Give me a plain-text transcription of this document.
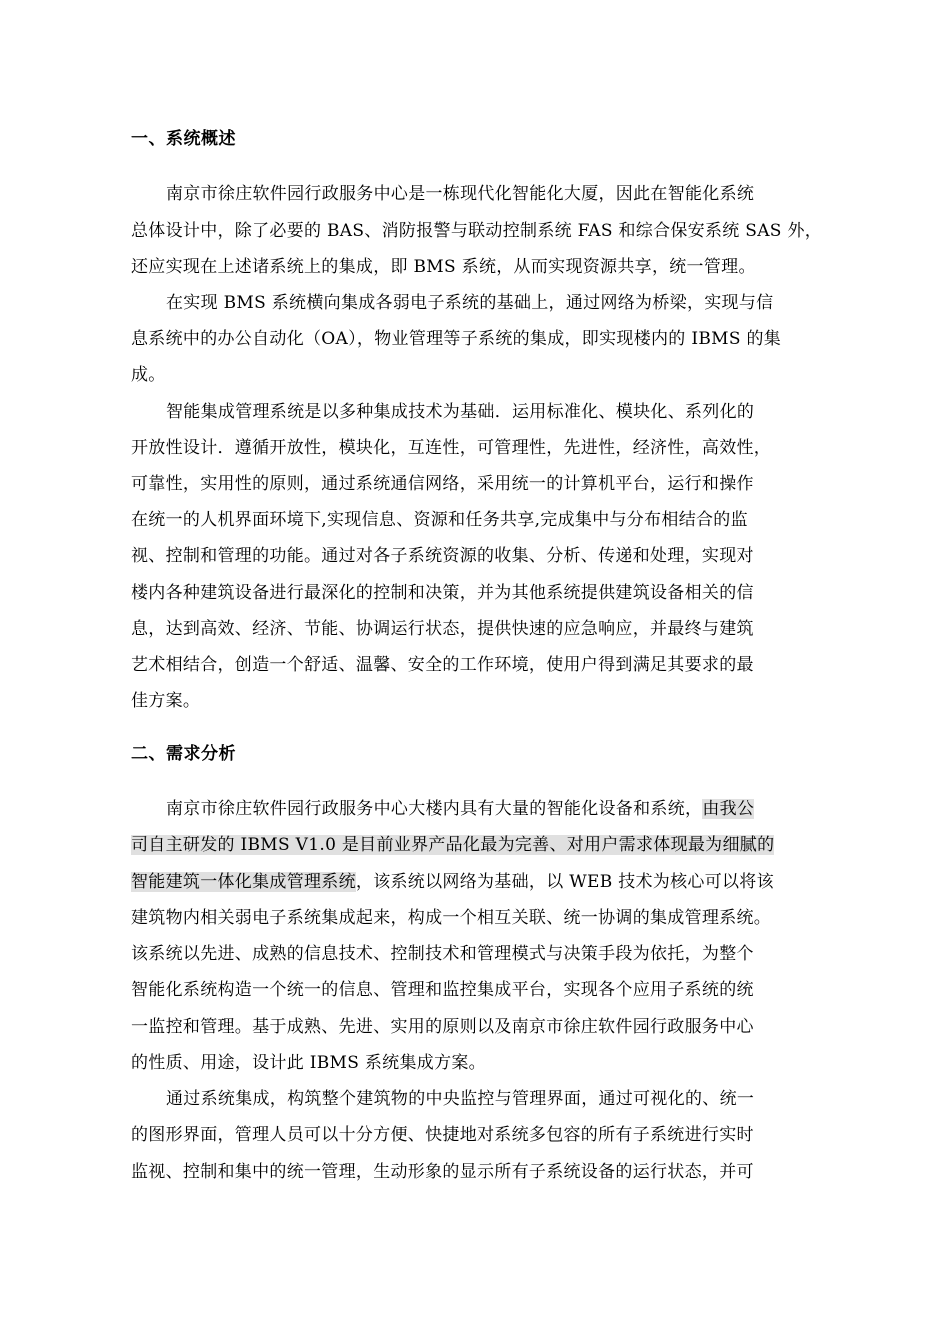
一、系统概述
南京市徐庄软件园行政服务中心是一栋现代化智能化大厦，因此在智能化系统
总体设计中，除了必要的 BAS、消防报警与联动控制系统 FAS 和综合保安系统 SAS 外，
还应实现在上述诸系统上的集成，即 BMS 系统，从而实现资源共享，统一管理。
在实现 BMS 系统横向集成各弱电子系统的基础上，通过网络为桥梁，实现与信
息系统中的办公自动化（OA），物业管理等子系统的集成，即实现楼内的 IBMS 的集
成。
智能集成管理系统是以多种集成技术为基础．运用标准化、模块化、系列化的
开放性设计．遵循开放性，模块化，互连性，可管理性，先进性，经济性，高效性，
可靠性，实用性的原则，通过系统通信网络，采用统一的计算机平台，运行和操作
在统一的人机界面环境下,实现信息、资源和任务共享,完成集中与分布相结合的监
视、控制和管理的功能。通过对各子系统资源的收集、分析、传递和处理，实现对
楼内各种建筑设备进行最深化的控制和决策，并为其他系统提供建筑设备相关的信
息，达到高效、经济、节能、协调运行状态，提供快速的应急响应，并最终与建筑
艺术相结合，创造一个舒适、温馨、安全的工作环境，使用户得到满足其要求的最
佳方案。
二、需求分析
南京市徐庄软件园行政服务中心大楼内具有大量的智能化设备和系统，由我公
司自主研发的 IBMS V1.0 是目前业界产品化最为完善、对用户需求体现最为细腻的
智能建筑一体化集成管理系统，该系统以网络为基础，以 WEB 技术为核心可以将该
建筑物内相关弱电子系统集成起来，构成一个相互关联、统一协调的集成管理系统。
该系统以先进、成熟的信息技术、控制技术和管理模式与决策手段为依托，为整个
智能化系统构造一个统一的信息、管理和监控集成平台，实现各个应用子系统的统
一监控和管理。基于成熟、先进、实用的原则以及南京市徐庄软件园行政服务中心
的性质、用途，设计此 IBMS 系统集成方案。
通过系统集成，构筑整个建筑物的中央监控与管理界面，通过可视化的、统一
的图形界面，管理人员可以十分方便、快捷地对系统多包容的所有子系统进行实时
监视、控制和集中的统一管理，生动形象的显示所有子系统设备的运行状态，并可
